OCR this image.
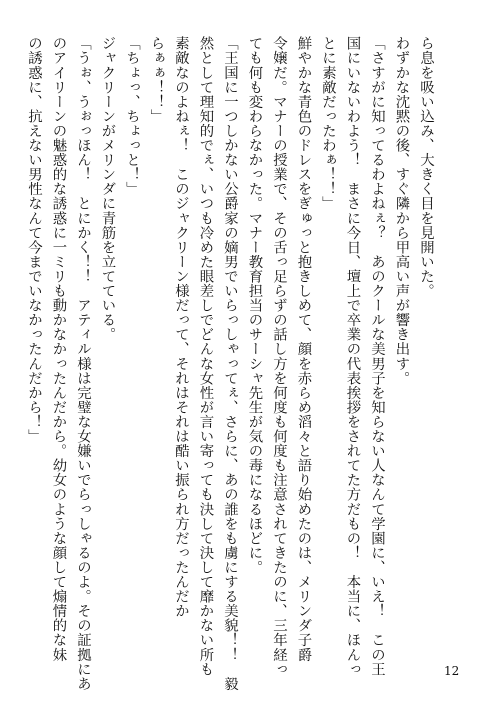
ら息を吸い込み、大きく目を見開いた。
わずかな沈黙の後、すぐ隣から甲高い声が響き出す。
「さすがに知ってるわよねぇ？　あのクールな美男子を知らない人なんて学園に、いえ！　この王
国にいないわよう！　まさに今日、壇上で卒業の代表挨拶をされてた方だもの！　本当に、ほんっ
とに素敵だったわぁ！！」
鮮やかな青色のドレスをぎゅっと抱きしめて、顔を赤らめ滔々と語り始めたのは、メリンダ子爵
令嬢だ。マナーの授業で、その舌っ足らずの話し方を何度も何度も注意されてきたのに、三年経っ
ても何も変わらなかった。マナー教育担当のサーシャ先生が気の毒になるほどに。
「王国に一つしかない公爵家の嫡男でいらっしゃってぇ、さらに、あの誰をも虜にする美貌！！　毅
然として理知的でぇ、いつも冷めた眼差しでどんな女性が言い寄っても決して決して靡かない所も
素敵なのよねぇ！　このジャクリーン様だって、それはそれは酷い振られ方だったんだか
らぁぁ！！」
「ちょっ、ちょっと！」
ジャクリーンがメリンダに青筋を立てている。
「うぉ、うぉっほん！　とにかく！！　アティル様は完璧な女嫌いでらっしゃるのよ。その証拠にあ
のアイリーンの魅惑的な誘惑に一ミリも動かなかったんだから。幼女のような顔して煽情的な妹
の誘惑に、抗えない男性なんて今までいなかったんだから！」
12
